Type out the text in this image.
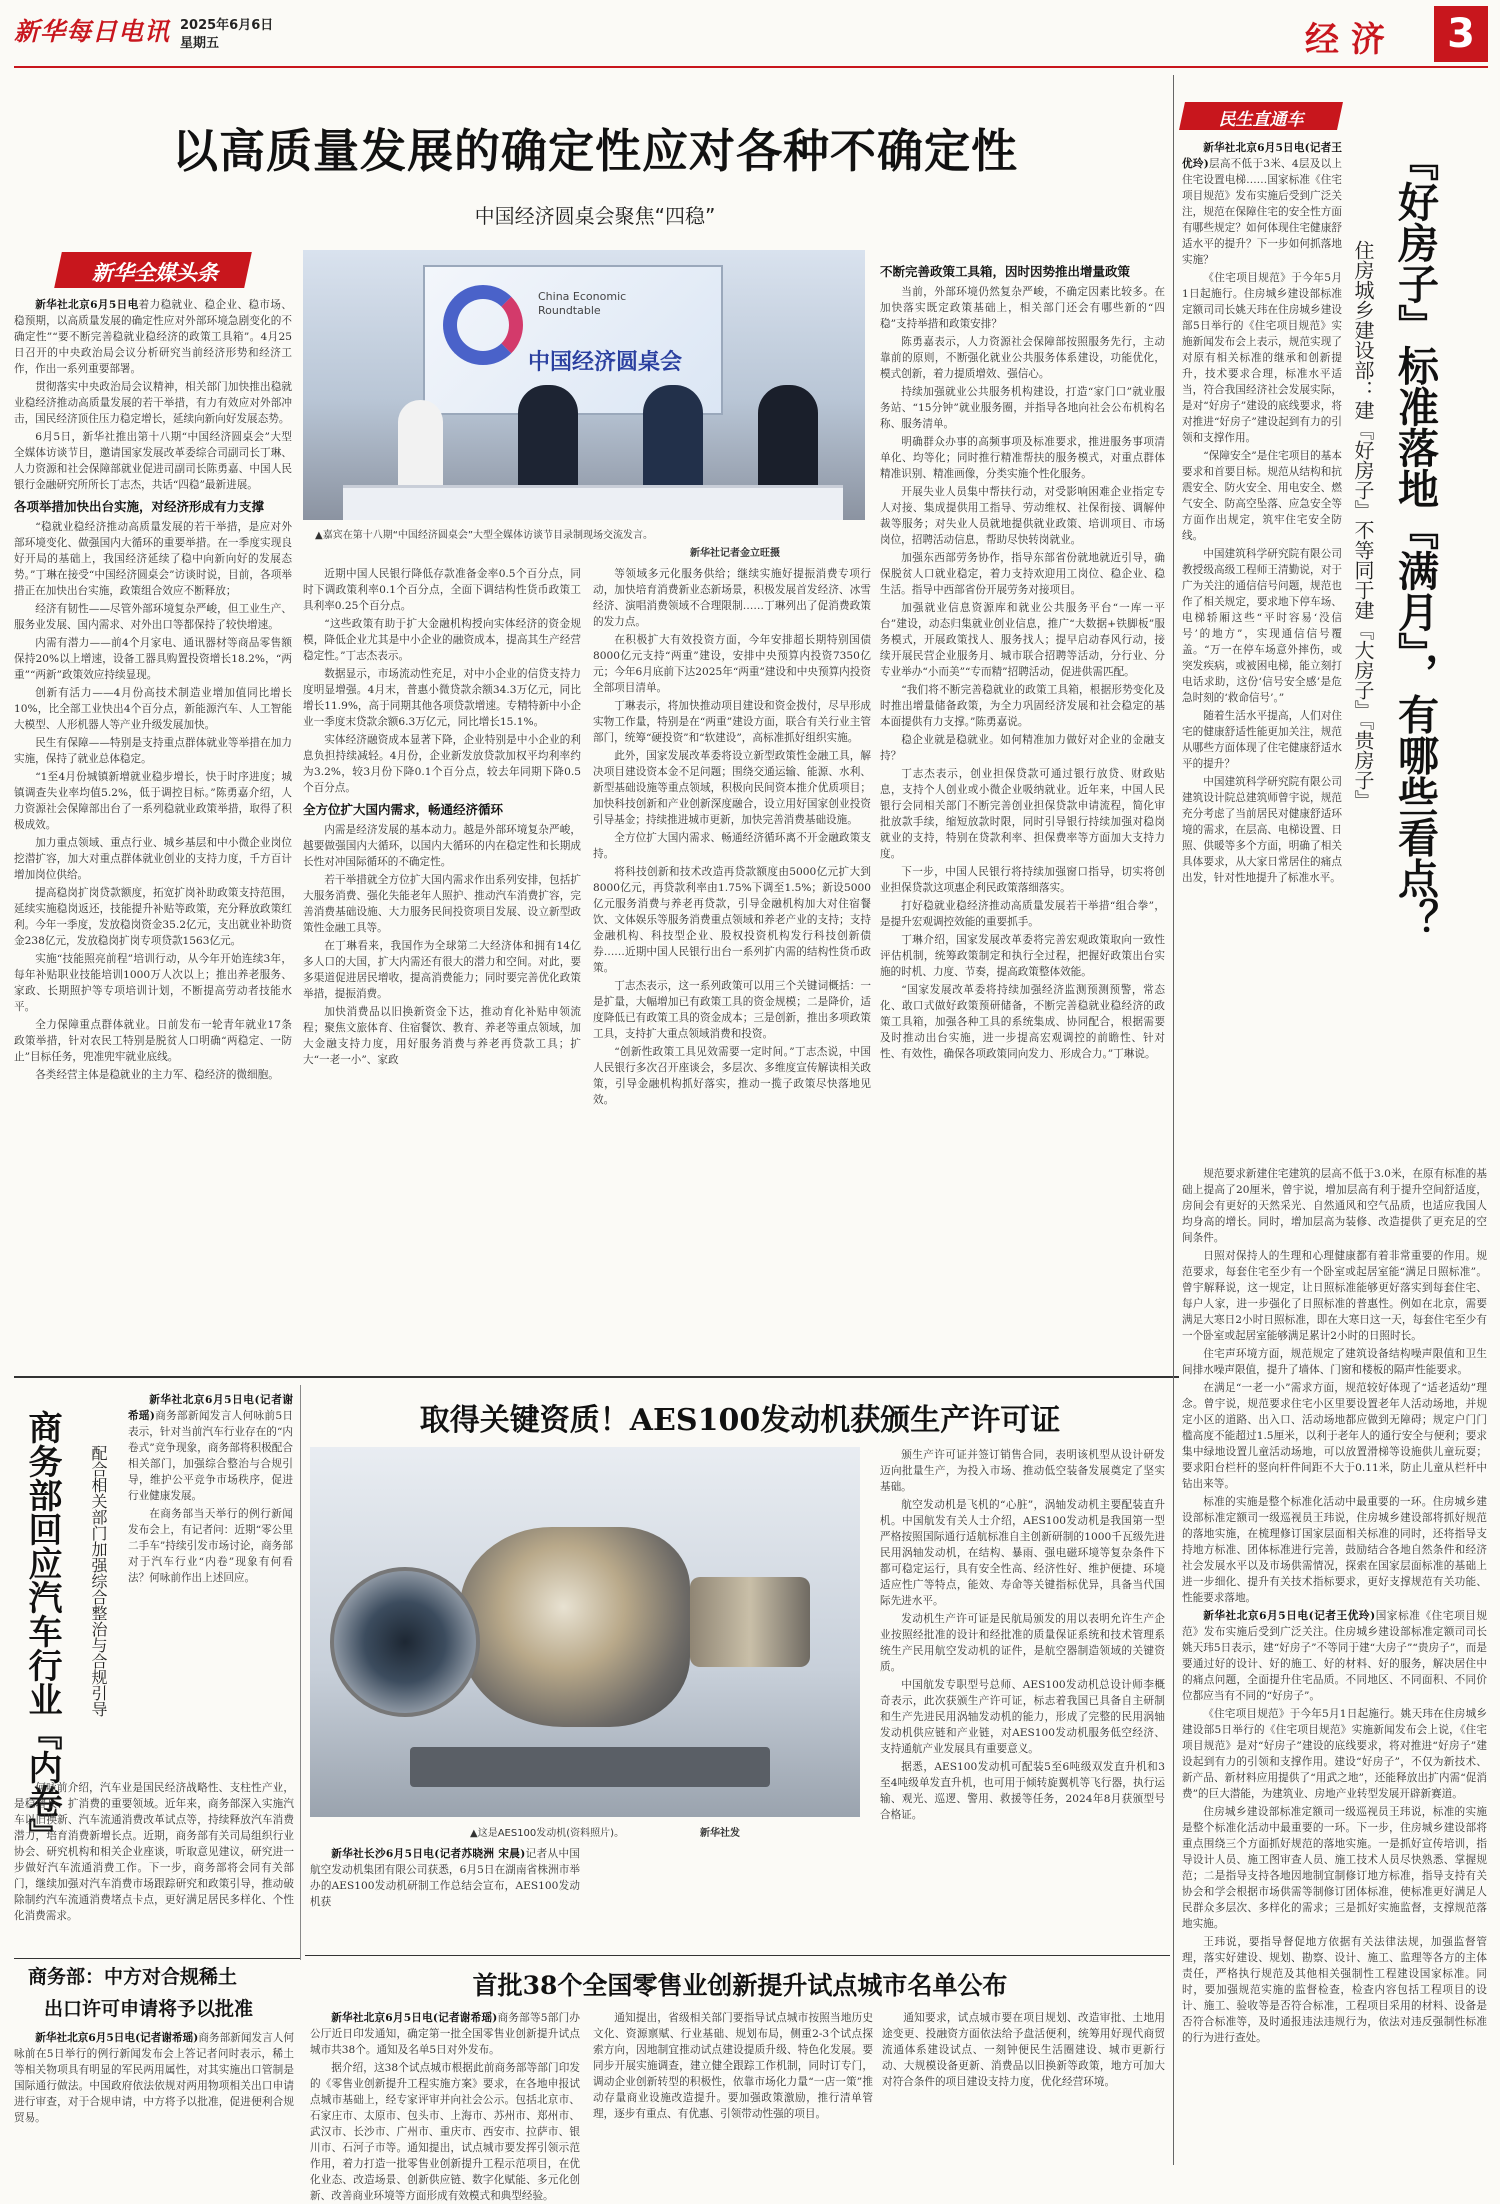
新华每日电讯 2025年6月6日
星期五	经 济	3
以高质量发展的确定性应对各种不确定性
中国经济圆桌会聚焦“四稳”
新华全媒头条
China Economic Roundtable
中国经济圆桌会
▲嘉宾在第十八期“中国经济圆桌会”大型全媒体访谈节目录制现场交流发言。
新华社记者金立旺摄

新华社北京6月5日电着力稳就业、稳企业、稳市场、稳预期，以高质量发展的确定性应对外部环境急剧变化的不确定性”“要不断完善稳就业稳经济的政策工具箱”。4月25日召开的中央政治局会议分析研究当前经济形势和经济工作，作出一系列重要部署。

贯彻落实中央政治局会议精神，相关部门加快推出稳就业稳经济推动高质量发展的若干举措，有力有效应对外部冲击，国民经济顶住压力稳定增长，延续向新向好发展态势。

6月5日，新华社推出第十八期“中国经济圆桌会”大型全媒体访谈节目，邀请国家发展改革委综合司副司长丁琳、人力资源和社会保障部就业促进司副司长陈勇嘉、中国人民银行金融研究所所长丁志杰，共话“四稳”最新进展。

各项举措加快出台实施，对经济形成有力支撑

“稳就业稳经济推动高质量发展的若干举措，是应对外部环境变化、做强国内大循环的重要举措。在一季度实现良好开局的基础上，我国经济延续了稳中向新向好的发展态势。”丁琳在接受“中国经济圆桌会”访谈时说，目前，各项举措正在加快出台实施，政策组合效应不断释放；

经济有韧性——尽管外部环境复杂严峻，但工业生产、服务业发展、国内需求、对外出口等都保持了较快增速。

内需有潜力——前4个月家电、通讯器材等商品零售额保持20%以上增速，设备工器具购置投资增长18.2%，“两重”“两新”政策效应持续显现。

创新有活力——4月份高技术制造业增加值同比增长10%，比全部工业快出4个百分点，新能源汽车、人工智能大模型、人形机器人等产业升级发展加快。

民生有保障——特别是支持重点群体就业等举措在加力实施，保持了就业总体稳定。

“1至4月份城镇新增就业稳步增长，快于时序进度；城镇调查失业率均值5.2%，低于调控目标。”陈勇嘉介绍，人力资源社会保障部出台了一系列稳就业政策举措，取得了积极成效。

加力重点领域、重点行业、城乡基层和中小微企业岗位挖潜扩容，加大对重点群体就业创业的支持力度，千方百计增加岗位供给。

提高稳岗扩岗贷款额度，拓宽扩岗补助政策支持范围，延续实施稳岗返还，技能提升补贴等政策，充分释放政策红利。今年一季度，发放稳岗资金35.2亿元，支出就业补助资金238亿元，发放稳岗扩岗专项贷款1563亿元。

实施“技能照亮前程”培训行动，从今年开始连续3年，每年补贴职业技能培训1000万人次以上；推出养老服务、家政、长期照护等专项培训计划，不断提高劳动者技能水平。

全力保障重点群体就业。日前发布一轮青年就业17条政策举措，针对农民工特别是脱贫人口明确“两稳定、一防止”目标任务，兜准兜牢就业底线。

各类经营主体是稳就业的主力军、稳经济的微细胞。

近期中国人民银行降低存款准备金率0.5个百分点，同时下调政策利率0.1个百分点，全面下调结构性货币政策工具利率0.25个百分点。

“这些政策有助于扩大金融机构授向实体经济的资金规模，降低企业尤其是中小企业的融资成本，提高其生产经营稳定性。”丁志杰表示。

数据显示，市场流动性充足，对中小企业的信贷支持力度明显增强。4月末，普惠小微贷款余额34.3万亿元，同比增长11.9%，高于同期其他各项贷款增速。专精特新中小企业一季度末贷款余额6.3万亿元，同比增长15.1%。

实体经济融资成本显著下降，企业特别是中小企业的利息负担持续减轻。4月份，企业新发放贷款加权平均利率约为3.2%，较3月份下降0.1个百分点，较去年同期下降0.5个百分点。

全方位扩大国内需求，畅通经济循环

内需是经济发展的基本动力。越是外部环境复杂严峻，越要做强国内大循环，以国内大循环的内在稳定性和长期成长性对冲国际循环的不确定性。

若干举措就全方位扩大国内需求作出系列安排，包括扩大服务消费、强化失能老年人照护、推动汽车消费扩容，完善消费基础设施、大力服务民间投资项目发展、设立新型政策性金融工具等。

在丁琳看来，我国作为全球第二大经济体和拥有14亿多人口的大国，扩大内需还有很大的潜力和空间。对此，要多渠道促进居民增收，提高消费能力；同时要完善优化政策举措，提振消费。

加快消费品以旧换新资金下达，推动育化补贴申领流程；聚焦文旅体育、住宿餐饮、教育、养老等重点领域，加大金融支持力度，用好服务消费与养老再贷款工具；扩大“一老一小”、家政

等领域多元化服务供给；继续实施好提振消费专项行动，加快培育消费新业态新场景，积极发展首发经济、冰雪经济、演唱消费领域不合理限制……丁琳列出了促消费政策的发力点。

在积极扩大有效投资方面，今年安排超长期特别国债8000亿元支持“两重”建设，安排中央预算内投资7350亿元；今年6月底前下达2025年“两重”建设和中央预算内投资全部项目清单。

丁琳表示，将加快推动项目建设和资金拨付，尽早形成实物工作量，特别是在“两重”建设方面，联合有关行业主管部门，统筹“硬投资”和“软建设”，高标准抓好组织实施。

此外，国家发展改革委将设立新型政策性金融工具，解决项目建设资本金不足问题；围绕交通运输、能源、水利、新型基础设施等重点领域，积极向民间资本推介优质项目；加快科技创新和产业创新深度融合，设立用好国家创业投资引导基金；持续推进城市更新，加快完善消费基础设施。

全方位扩大国内需求、畅通经济循环离不开金融政策支持。

将科技创新和技术改造再贷款额度由5000亿元扩大到8000亿元，再贷款利率由1.75%下调至1.5%；新设5000亿元服务消费与养老再贷款，引导金融机构加大对住宿餐饮、文体娱乐等服务消费重点领域和养老产业的支持；支持金融机构、科技型企业、股权投资机构发行科技创新债券……近期中国人民银行出台一系列扩内需的结构性货币政策。

丁志杰表示，这一系列政策可以用三个关键词概括：一是扩量，大幅增加已有政策工具的资金规模；二是降价，适度降低已有政策工具的资金成本；三是创新，推出多项政策工具，支持扩大重点领域消费和投资。

“创新性政策工具见效需要一定时间。”丁志杰说，中国人民银行多次召开座谈会，多层次、多维度宣传解读相关政策，引导金融机构抓好落实，推动一揽子政策尽快落地见效。

不断完善政策工具箱，因时因势推出增量政策

当前，外部环境仍然复杂严峻，不确定因素比较多。在加快落实既定政策基础上，相关部门还会有哪些新的“四稳”支持举措和政策安排？

陈勇嘉表示，人力资源社会保障部按照服务先行，主动靠前的原则，不断强化就业公共服务体系建设，功能优化，模式创新，着力提质增效、强信心。

持续加强就业公共服务机构建设，打造“家门口”就业服务站、“15分钟”就业服务圈，并指导各地向社会公布机构名称、服务清单。

明确群众办事的高频事项及标准要求，推进服务事项清单化、均等化；同时推行精准帮扶的服务模式，对重点群体精准识别、精准画像，分类实施个性化服务。

开展失业人员集中帮扶行动，对受影响困难企业指定专人对接、集成提供用工指导、劳动维权、社保衔接、调解仲裁等服务；对失业人员就地提供就业政策、培训项目、市场岗位，招聘活动信息，帮助尽快转岗就业。

加强东西部劳务协作，指导东部省份就地就近引导，确保脱贫人口就业稳定，着力支持欢迎用工岗位、稳企业、稳生活。指导中西部省份开展劳务对接项目。

加强就业信息资源库和就业公共服务平台“一库一平台”建设，动态归集就业创业信息，推广“大数据+铁脚板”服务模式，开展政策找人、服务找人；提早启动春风行动，接续开展民营企业服务月、城市联合招聘等活动，分行业、分专业举办“小而美”“专而精”招聘活动，促进供需匹配。

“我们将不断完善稳就业的政策工具箱，根据形势变化及时推出增量储备政策，为全力巩固经济发展和社会稳定的基本面提供有力支撑。”陈勇嘉说。

稳企业就是稳就业。如何精准加力做好对企业的金融支持？

丁志杰表示，创业担保贷款可通过银行放贷、财政贴息，支持个人创业或小微企业吸纳就业。近年来，中国人民银行会同相关部门不断完善创业担保贷款申请流程，简化审批放款手续，缩短放款时限，同时引导银行持续加强对稳岗就业的支持，特别在贷款利率、担保费率等方面加大支持力度。

下一步，中国人民银行将持续加强窗口指导，切实将创业担保贷款这项惠企利民政策落细落实。

打好稳就业稳经济推动高质量发展若干举措“组合拳”，是提升宏观调控效能的重要抓手。

丁琳介绍，国家发展改革委将完善宏观政策取向一致性评估机制，统筹政策制定和执行全过程，把握好政策出台实施的时机、力度、节奏，提高政策整体效能。

“国家发展改革委将持续加强经济监测预测预警，常态化、敢口式做好政策预研储备，不断完善稳就业稳经济的政策工具箱，加强各种工具的系统集成、协同配合，根据需要及时推动出台实施，进一步提高宏观调控的前瞻性、针对性、有效性，确保各项政策同向发力、形成合力。”丁琳说。

民生直通车
『好房子』标准落地『满月』，有哪些看点？
住房城乡建设部：建『好房子』不等同于建『大房子』『贵房子』

新华社北京6月5日电(记者王优玲)层高不低于3米、4层及以上住宅设置电梯……国家标准《住宅项目规范》发布实施后受到广泛关注，规范在保障住宅的安全性方面有哪些规定？如何体现住宅健康舒适水平的提升？下一步如何抓落地实施？

《住宅项目规范》于今年5月1日起施行。住房城乡建设部标准定额司司长姚天玮在住房城乡建设部5日举行的《住宅项目规范》实施新闻发布会上表示，规范实现了对原有相关标准的继承和创新提升，技术要求合理，标准水平适当，符合我国经济社会发展实际，是对“好房子”建设的底线要求，将对推进“好房子”建设起到有力的引领和支撑作用。

“保障安全”是住宅项目的基本要求和首要目标。规范从结构和抗震安全、防火安全、用电安全、燃气安全、防高空坠落、应急安全等方面作出规定，筑牢住宅安全防线。

中国建筑科学研究院有限公司教授级高级工程师王清勤说，对于广为关注的通信信号问题，规范也作了相关规定，要求地下停车场、电梯轿厢这些“平时容易‘没信号’的地方”，实现通信信号覆盖。“万一在停车场意外摔伤，或突发疾病，或被困电梯，能立刻打电话求助，这份‘信号安全感’是危急时刻的‘救命信号’。”

随着生活水平提高，人们对住宅的健康舒适性能更加关注，规范从哪些方面体现了住宅健康舒适水平的提升？

中国建筑科学研究院有限公司建筑设计院总建筑师曾宇说，规范充分考虑了当前居民对健康舒适环境的需求，在层高、电梯设置、日照、供暖等多个方面，明确了相关具体要求，从大家日常居住的痛点出发，针对性地提升了标准水平。

规范要求新建住宅建筑的层高不低于3.0米，在原有标准的基础上提高了20厘米，曾宇说，增加层高有利于提升空间舒适度，房间会有更好的天然采光、自然通风和空气品质，也适应我国人均身高的增长。同时，增加层高为装修、改造提供了更充足的空间条件。

日照对保持人的生理和心理健康都有着非常重要的作用。规范要求，每套住宅至少有一个卧室或起居室能“满足日照标准”。曾宇解释说，这一规定，让日照标准能够更好落实到每套住宅、每户人家，进一步强化了日照标准的普惠性。例如在北京，需要满足大寒日2小时日照标准，即在大寒日这一天，每套住宅至少有一个卧室或起居室能够满足累计2小时的日照时长。

住宅声环境方面，规范规定了建筑设备结构噪声限值和卫生间排水噪声限值，提升了墙体、门窗和楼板的隔声性能要求。

在满足“一老一小”需求方面，规范较好体现了“适老适幼”理念。曾宇说，规范要求住宅小区里要设置老年人活动场地，并规定小区的道路、出入口、活动场地都应做到无障碍；规定户门门槛高度不能超过1.5厘米，以利于老年人的通行安全与便利；要求集中绿地设置儿童活动场地，可以放置滑梯等设施供儿童玩耍；要求阳台栏杆的竖向杆件间距不大于0.11米，防止儿童从栏杆中钻出来等。

标准的实施是整个标准化活动中最重要的一环。住房城乡建设部标准定额司一级巡视员王玮说，住房城乡建设部将抓好规范的落地实施，在梳理修订国家层面相关标准的同时，还将指导支持地方标准、团体标准进行完善，鼓励结合各地自然条件和经济社会发展水平以及市场供需情况，探索在国家层面标准的基础上进一步细化、提升有关技术指标要求，更好支撑规范有关功能、性能要求落地。

新华社北京6月5日电(记者王优玲)国家标准《住宅项目规范》发布实施后受到广泛关注。住房城乡建设部标准定额司司长姚天玮5日表示，建“好房子”不等同于建“大房子”“贵房子”，而是要通过好的设计、好的施工、好的材料、好的服务，解决居住中的痛点问题，全面提升住宅品质。不同地区、不同面积、不同价位都应当有不同的“好房子”。

《住宅项目规范》于今年5月1日起施行。姚天玮在住房城乡建设部5日举行的《住宅项目规范》实施新闻发布会上说，《住宅项目规范》是对“好房子”建设的底线要求，将对推进“好房子”建设起到有力的引领和支撑作用。建设“好房子”，不仅为新技术、新产品、新材料应用提供了“用武之地”，还能释放出扩内需“促消费”的巨大潜能，为建筑业、房地产业转型发展开辟新赛道。

住房城乡建设部标准定额司一级巡视员王玮说，标准的实施是整个标准化活动中最重要的一环。下一步，住房城乡建设部将重点围绕三个方面抓好规范的落地实施。一是抓好宣传培训，指导设计人员、施工图审查人员、施工技术人员尽快熟悉、掌握规范；二是指导支持各地因地制宜制修订地方标准，指导支持有关协会和学会根据市场供需等制修订团体标准，使标准更好满足人民群众多层次、多样化的需求；三是抓好实施监督，支撑规范落地实施。

王玮说，要指导督促地方依据有关法律法规，加强监督管理，落实好建设、规划、勘察、设计、施工、监理等各方的主体责任，严格执行规范及其他相关强制性工程建设国家标准。同时，要加强规范实施的监督检查，检查内容包括工程项目的设计、施工、验收等是否符合标准，工程项目采用的材料、设备是否符合标准等，及时通报违法违规行为，依法对违反强制性标准的行为进行查处。

商务部回应汽车行业『内卷』 配合相关部门加强综合整治与合规引导

新华社北京6月5日电(记者谢希瑶)商务部新闻发言人何咏前5日表示，针对当前汽车行业存在的“内卷式”竞争现象，商务部将积极配合相关部门，加强综合整治与合规引导，维护公平竞争市场秩序，促进行业健康发展。

在商务部当天举行的例行新闻发布会上，有记者问：近期“零公里二手车”持续引发市场讨论，商务部对于汽车行业“内卷”现象有何看法？何咏前作出上述回应。

何咏前介绍，汽车业是国民经济战略性、支柱性产业，是稳增长、扩消费的重要领域。近年来，商务部深入实施汽车以旧换新、汽车流通消费改革试点等，持续释放汽车消费潜力，培育消费新增长点。近期，商务部有关司局组织行业协会、研究机构和相关企业座谈，听取意见建议，研究进一步做好汽车流通消费工作。下一步，商务部将会同有关部门，继续加强对汽车消费市场跟踪研究和政策引导，推动破除制约汽车流通消费堵点卡点，更好满足居民多样化、个性化消费需求。

商务部：中方对合规稀土
出口许可申请将予以批准

新华社北京6月5日电(记者谢希瑶)商务部新闻发言人何咏前在5日举行的例行新闻发布会上答记者问时表示，稀土等相关物项具有明显的军民两用属性，对其实施出口管制是国际通行做法。中国政府依法依规对两用物项相关出口申请进行审查，对于合规申请，中方将予以批准，促进便利合规贸易。

取得关键资质！AES100发动机获颁生产许可证
▲这是AES100发动机(资料照片)。	新华社发

新华社长沙6月5日电(记者苏晓洲 宋晨)记者从中国航空发动机集团有限公司获悉，6月5日在湖南省株洲市举办的AES100发动机研制工作总结会宣布，AES100发动机获

颁生产许可证并签订销售合同，表明该机型从设计研发迈向批量生产，为投入市场、推动低空装备发展奠定了坚实基础。

航空发动机是飞机的“心脏”，涡轴发动机主要配装直升机。中国航发有关人士介绍，AES100发动机是我国第一型严格按照国际通行适航标准自主创新研制的1000千瓦级先进民用涡轴发动机，在结构、暴雨、强电磁环境等复杂条件下都可稳定运行，具有安全性高、经济性好、维护便捷、环境适应性广等特点，能效、寿命等关键指标优异，具备当代国际先进水平。

发动机生产许可证是民航局颁发的用以表明允许生产企业按照经批准的设计和经批准的质量保证系统和技术管理系统生产民用航空发动机的证件，是航空器制造领域的关键资质。

中国航发专职型号总师、AES100发动机总设计师李概奇表示，此次获颁生产许可证，标志着我国已具备自主研制和生产先进民用涡轴发动机的能力，形成了完整的民用涡轴发动机供应链和产业链，对AES100发动机服务低空经济、支持通航产业发展具有重要意义。

据悉，AES100发动机可配装5至6吨级双发直升机和3至4吨级单发直升机，也可用于倾转旋翼机等飞行器，执行运输、观光、巡逻、警用、救援等任务，2024年8月获颁型号合格证。

首批38个全国零售业创新提升试点城市名单公布

新华社北京6月5日电(记者谢希瑶)商务部等5部门办公厅近日印发通知，确定第一批全国零售业创新提升试点城市共38个。通知及名单5日对外发布。

据介绍，这38个试点城市根据此前商务部等部门印发的《零售业创新提升工程实施方案》要求，在各地申报试点城市基础上，经专家评审并向社会公示。包括北京市、石家庄市、太原市、包头市、上海市、苏州市、郑州市、武汉市、长沙市、广州市、重庆市、西安市、拉萨市、银川市、石河子市等。通知提出，试点城市要发挥引领示范作用，着力打造一批零售业创新提升工程示范项目，在优化业态、改造场景、创新供应链、数字化赋能、多元化创新、改善商业环境等方面形成有效模式和典型经验。

通知提出，省级相关部门要指导试点城市按照当地历史文化、资源禀赋、行业基础、规划布局，侧重2-3个试点探索方向，因地制宜推动试点建设提质升级、特色化发展。要同步开展实施调查，建立健全跟踪工作机制，同时订专门，调动企业创新转型的积极性，依靠市场化力量“一店一策”推动存量商业设施改造提升。要加强政策激励，推行清单管理，逐步有重点、有优惠、引领带动性强的项目。

通知要求，试点城市要在项目规划、改造审批、土地用途变更、投融资方面依法给予盘活便利，统筹用好现代商贸流通体系建设试点、一刻钟便民生活圈建设、城市更新行动、大规模设备更新、消费品以旧换新等政策，地方可加大对符合条件的项目建设支持力度，优化经营环境。
